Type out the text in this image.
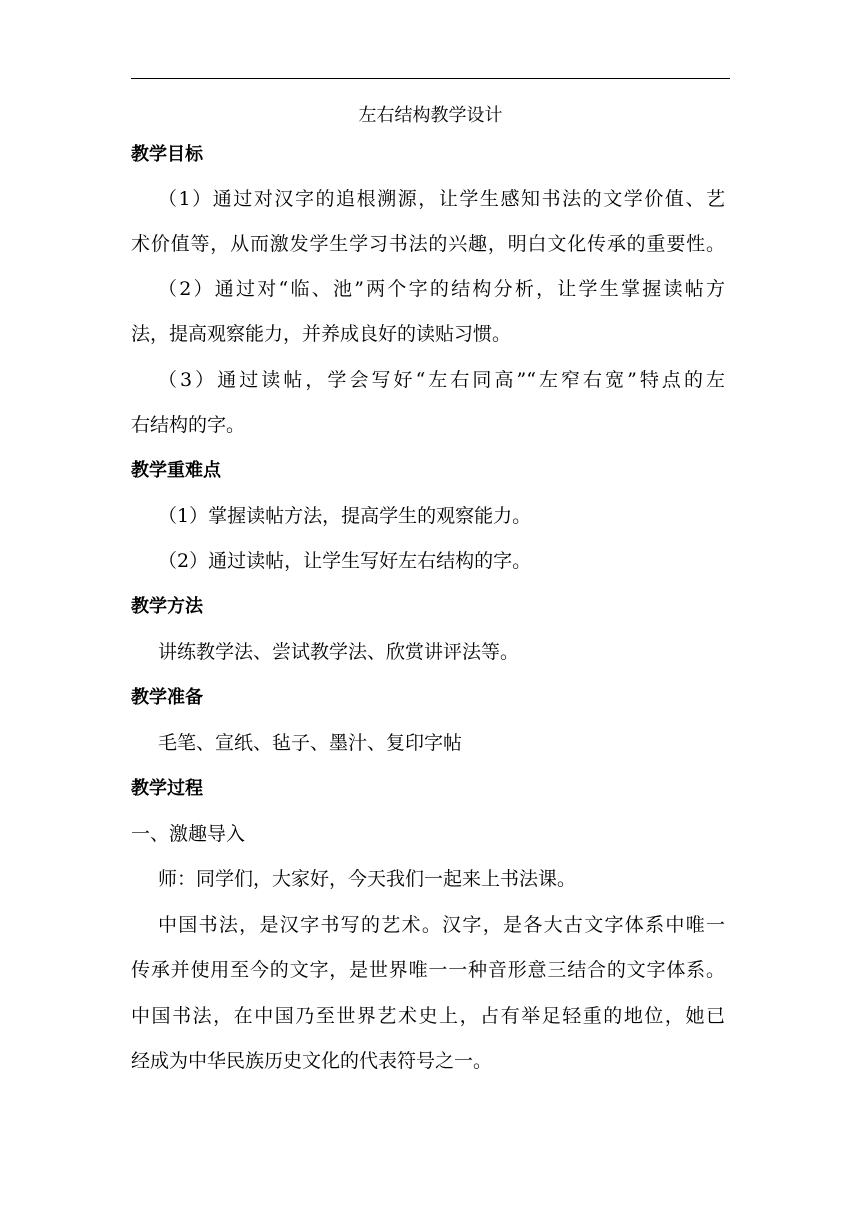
左右结构教学设计
教学目标
（1）通过对汉字的追根溯源，让学生感知书法的文学价值、艺
术价值等，从而激发学生学习书法的兴趣，明白文化传承的重要性。
（2）通过对“临、池”两个字的结构分析，让学生掌握读帖方
法，提高观察能力，并养成良好的读贴习惯。
（3）通过读帖，学会写好“左右同高”“左窄右宽”特点的左
右结构的字。
教学重难点
（1）掌握读帖方法，提高学生的观察能力。
（2）通过读帖，让学生写好左右结构的字。
教学方法
讲练教学法、尝试教学法、欣赏讲评法等。
教学准备
毛笔、宣纸、毡子、墨汁、复印字帖
教学过程
一、激趣导入
师：同学们，大家好，今天我们一起来上书法课。
中国书法，是汉字书写的艺术。汉字，是各大古文字体系中唯一
传承并使用至今的文字，是世界唯一一种音形意三结合的文字体系。
中国书法，在中国乃至世界艺术史上，占有举足轻重的地位，她已
经成为中华民族历史文化的代表符号之一。
